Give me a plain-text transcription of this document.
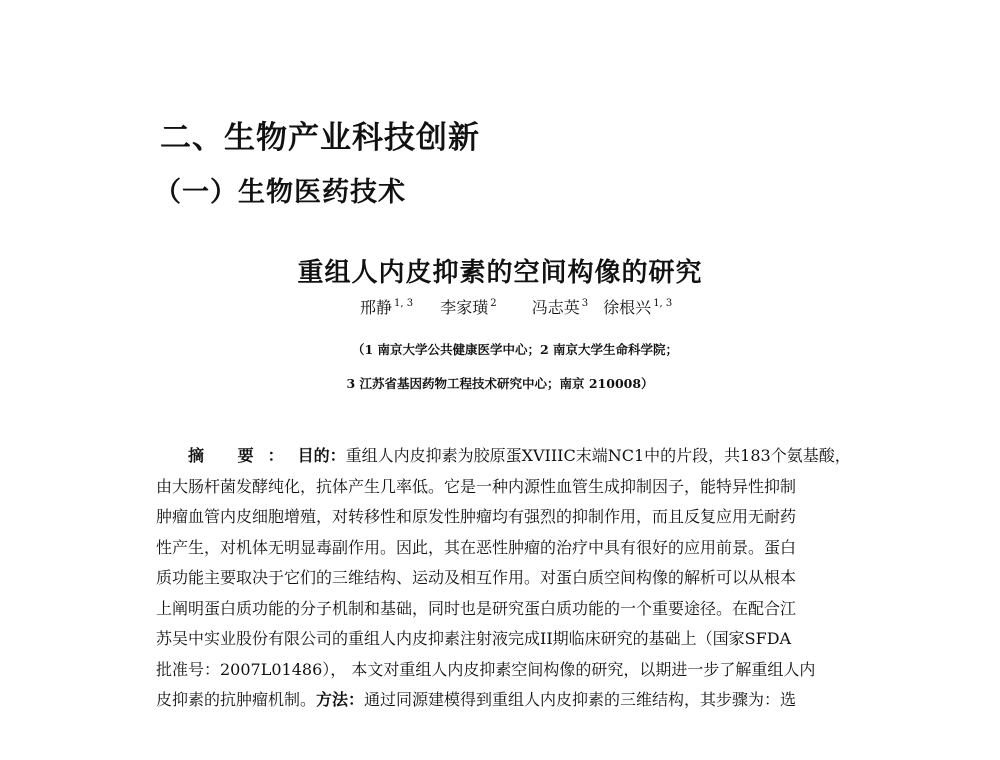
二、生物产业科技创新
（一）生物医药技术
重组人内皮抑素的空间构像的研究
邢静 $^{1, 3}$ 李家璜 $^2$ 冯志英 $^3$ 徐根兴 $^{1, 3}$
（1 南京大学公共健康医学中心；2 南京大学生命科学院；
3 江苏省基因药物工程技术研究中心；南京 210008）
摘 要：目的：重组人内皮抑素为胶原蛋XVIIIC末端NC1中的片段，共183个氨基酸，
由大肠杆菌发酵纯化，抗体产生几率低。它是一种内源性血管生成抑制因子，能特异性抑制
肿瘤血管内皮细胞增殖，对转移性和原发性肿瘤均有强烈的抑制作用，而且反复应用无耐药
性产生，对机体无明显毒副作用。因此，其在恶性肿瘤的治疗中具有很好的应用前景。蛋白
质功能主要取决于它们的三维结构、运动及相互作用。对蛋白质空间构像的解析可以从根本
上阐明蛋白质功能的分子机制和基础，同时也是研究蛋白质功能的一个重要途径。在配合江
苏吴中实业股份有限公司的重组人内皮抑素注射液完成II期临床研究的基础上（国家SFDA
批准号：2007L01486）， 本文对重组人内皮抑素空间构像的研究，以期进一步了解重组人内
皮抑素的抗肿瘤机制。方法：通过同源建模得到重组人内皮抑素的三维结构，其步骤为：选
